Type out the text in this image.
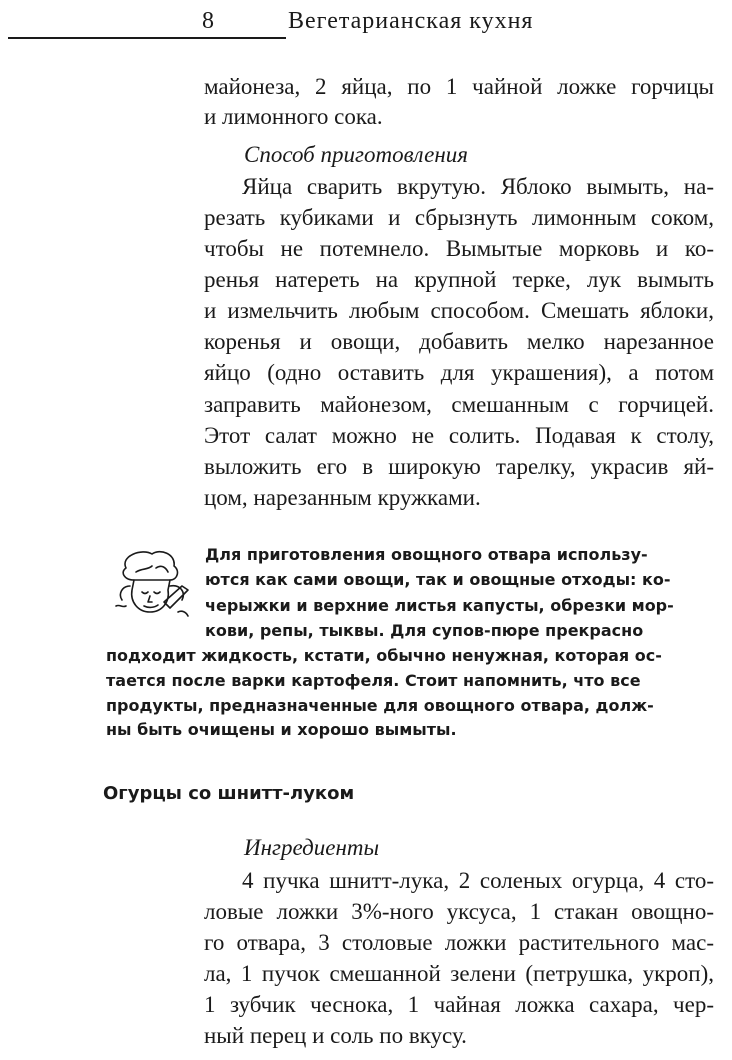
8	Вегетарианская кухня
майонеза, 2 яйца, по 1 чайной ложке горчицы
и лимонного сока.
Способ приготовления
Яйца сварить вкрутую. Яблоко вымыть, на-
резать кубиками и сбрызнуть лимонным соком,
чтобы не потемнело. Вымытые морковь и ко-
ренья натереть на крупной терке, лук вымыть
и измельчить любым способом. Смешать яблоки,
коренья и овощи, добавить мелко нарезанное
яйцо (одно оставить для украшения), а потом
заправить майонезом, смешанным с горчицей.
Этот салат можно не солить. Подавая к столу,
выложить его в широкую тарелку, украсив яй-
цом, нарезанным кружками.
Для приготовления овощного отвара использу-
ются как сами овощи, так и овощные отходы: ко-
черыжки и верхние листья капусты, обрезки мор-
кови, репы, тыквы. Для супов-пюре прекрасно
подходит жидкость, кстати, обычно ненужная, которая ос-
тается после варки картофеля. Стоит напомнить, что все
продукты, предназначенные для овощного отвара, долж-
ны быть очищены и хорошо вымыты.
Огурцы со шнитт-луком
Ингредиенты
4 пучка шнитт-лука, 2 соленых огурца, 4 сто-
ловые ложки 3%-ного уксуса, 1 стакан овощно-
го отвара, 3 столовые ложки растительного мас-
ла, 1 пучок смешанной зелени (петрушка, укроп),
1 зубчик чеснока, 1 чайная ложка сахара, чер-
ный перец и соль по вкусу.
